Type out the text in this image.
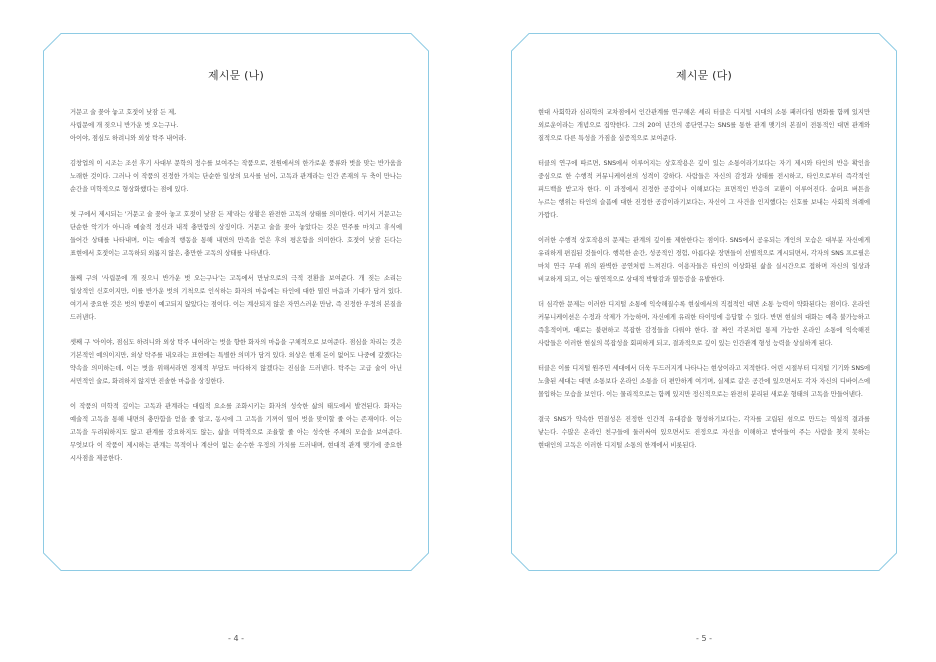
제시문 (나)

거문고 술 꽂아 놓고 호젓이 낮잠 든 제,
사립문에 개 짖으니 반가운 벗 오는구나.
아이야, 점심도 하려니와 외상 탁주 내어라.

김창업의 이 시조는 조선 후기 사대부 문학의 정수를 보여주는 작품으로, 전원에서의 한가로운 풍류와 벗을 맞는 반가움을 노래한 것이다. 그러나 이 작품의 진정한 가치는 단순한 일상의 묘사를 넘어, 고독과 관계라는 인간 존재의 두 축이 만나는 순간을 미학적으로 형상화했다는 점에 있다.

첫 구에서 제시되는 '거문고 술 꽂아 놓고 호젓이 낮잠 든 제'라는 상황은 완전한 고독의 상태를 의미한다. 여기서 거문고는 단순한 악기가 아니라 예술적 정신과 내적 충만함의 상징이다. 거문고 술을 꽂아 놓았다는 것은 연주를 마치고 휴식에 들어간 상태를 나타내며, 이는 예술적 행동을 통해 내면의 만족을 얻은 후의 평온함을 의미한다. 호젓이 낮잠 든다는 표현에서 호젓이는 고독하되 외롭지 않은, 충만한 고독의 상태를 나타낸다.

둘째 구의 '사립문에 개 짖으니 반가운 벗 오는구나'는 고독에서 만남으로의 극적 전환을 보여준다. 개 짖는 소리는 일상적인 신호이지만, 이를 반가운 벗의 기척으로 인식하는 화자의 마음에는 타인에 대한 열린 마음과 기대가 담겨 있다. 여기서 중요한 것은 벗의 방문이 예고되지 않았다는 점이다. 이는 계산되지 않은 자연스러운 만남, 즉 진정한 우정의 본질을 드러낸다.

셋째 구 '아이야, 점심도 하려니와 외상 탁주 내어라'는 벗을 향한 화자의 마음을 구체적으로 보여준다. 점심을 차리는 것은 기본적인 예의이지만, 외상 탁주를 내오라는 표현에는 특별한 의미가 담겨 있다. 외상은 현재 돈이 없어도 나중에 갚겠다는 약속을 의미하는데, 이는 벗을 위해서라면 경제적 부담도 마다하지 않겠다는 진심을 드러낸다. 탁주는 고급 술이 아닌 서민적인 술로, 화려하지 않지만 진솔한 마음을 상징한다.

이 작품의 미학적 깊이는 고독과 관계라는 대립적 요소를 조화시키는 화자의 성숙한 삶의 태도에서 발견된다. 화자는 예술적 고독을 통해 내면의 충만함을 얻을 줄 알고, 동시에 그 고독을 기꺼이 열어 벗을 맞이할 줄 아는 존재이다. 이는 고독을 두려워하지도 않고 관계를 강요하지도 않는, 삶을 미학적으로 조율할 줄 아는 성숙한 주체의 모습을 보여준다. 무엇보다 이 작품이 제시하는 관계는 목적이나 계산이 없는 순수한 우정의 가치를 드러내며, 현대적 관계 맺기에 중요한 시사점을 제공한다.

- 4 -
제시문 (다)

현대 사회학과 심리학의 교차점에서 인간관계를 연구해온 셰리 터클은 디지털 시대의 소통 패러다임 변화를 함께 있지만 외로운이라는 개념으로 집약한다. 그의 20여 년간의 종단연구는 SNS를 통한 관계 맺기의 본질이 전통적인 대면 관계와 질적으로 다른 특성을 가짐을 실증적으로 보여준다.

터클의 연구에 따르면, SNS에서 이루어지는 상호작용은 깊이 있는 소통이라기보다는 자기 제시와 타인의 반응 확인을 중심으로 한 수행적 커뮤니케이션의 성격이 강하다. 사람들은 자신의 감정과 상태를 전시하고, 타인으로부터 즉각적인 피드백을 받고자 한다. 이 과정에서 진정한 공감이나 이해보다는 표면적인 반응의 교환이 이루어진다. 슬퍼요 버튼을 누르는 행위는 타인의 슬픔에 대한 진정한 공감이라기보다는, 자신이 그 사건을 인지했다는 신호를 보내는 사회적 의례에 가깝다.

이러한 수행적 상호작용의 문제는 관계의 깊이를 제한한다는 점이다. SNS에서 공유되는 개인의 모습은 대부분 자신에게 유리하게 편집된 것들이다. 행복한 순간, 성공적인 경험, 아름다운 장면들이 선별적으로 게시되면서, 각자의 SNS 프로필은 마치 연극 무대 위의 완벽한 공연처럼 느껴진다. 이용자들은 타인의 이상화된 삶을 실시간으로 접하며 자신의 일상과 비교하게 되고, 이는 필연적으로 상대적 박탈감과 열등감을 유발한다.

더 심각한 문제는 이러한 디지털 소통에 익숙해질수록 현실에서의 직접적인 대면 소통 능력이 약화된다는 점이다. 온라인 커뮤니케이션은 수정과 삭제가 가능하며, 자신에게 유리한 타이밍에 응답할 수 있다. 반면 현실의 대화는 예측 불가능하고 즉흥적이며, 때로는 불편하고 복잡한 감정들을 다뤄야 한다. 잘 짜인 각본처럼 통제 가능한 온라인 소통에 익숙해진 사람들은 이러한 현실의 복잡성을 회피하게 되고, 결과적으로 깊이 있는 인간관계 형성 능력을 상실하게 된다.

터클은 이를 디지털 원주민 세대에서 더욱 두드러지게 나타나는 현상이라고 지적한다. 어린 시절부터 디지털 기기와 SNS에 노출된 세대는 대면 소통보다 온라인 소통을 더 편안하게 여기며, 실제로 같은 공간에 있으면서도 각자 자신의 디바이스에 몰입하는 모습을 보인다. 이는 물리적으로는 함께 있지만 정신적으로는 완전히 분리된 새로운 형태의 고독을 만들어낸다.

결국 SNS가 약속한 연결성은 진정한 인간적 유대감을 형성하기보다는, 각자를 고립된 섬으로 만드는 역설적 결과를 낳는다. 수많은 온라인 친구들에 둘러싸여 있으면서도 진정으로 자신을 이해하고 받아들여 주는 사람을 찾지 못하는 현대인의 고독은 이러한 디지털 소통의 한계에서 비롯된다.

- 5 -
